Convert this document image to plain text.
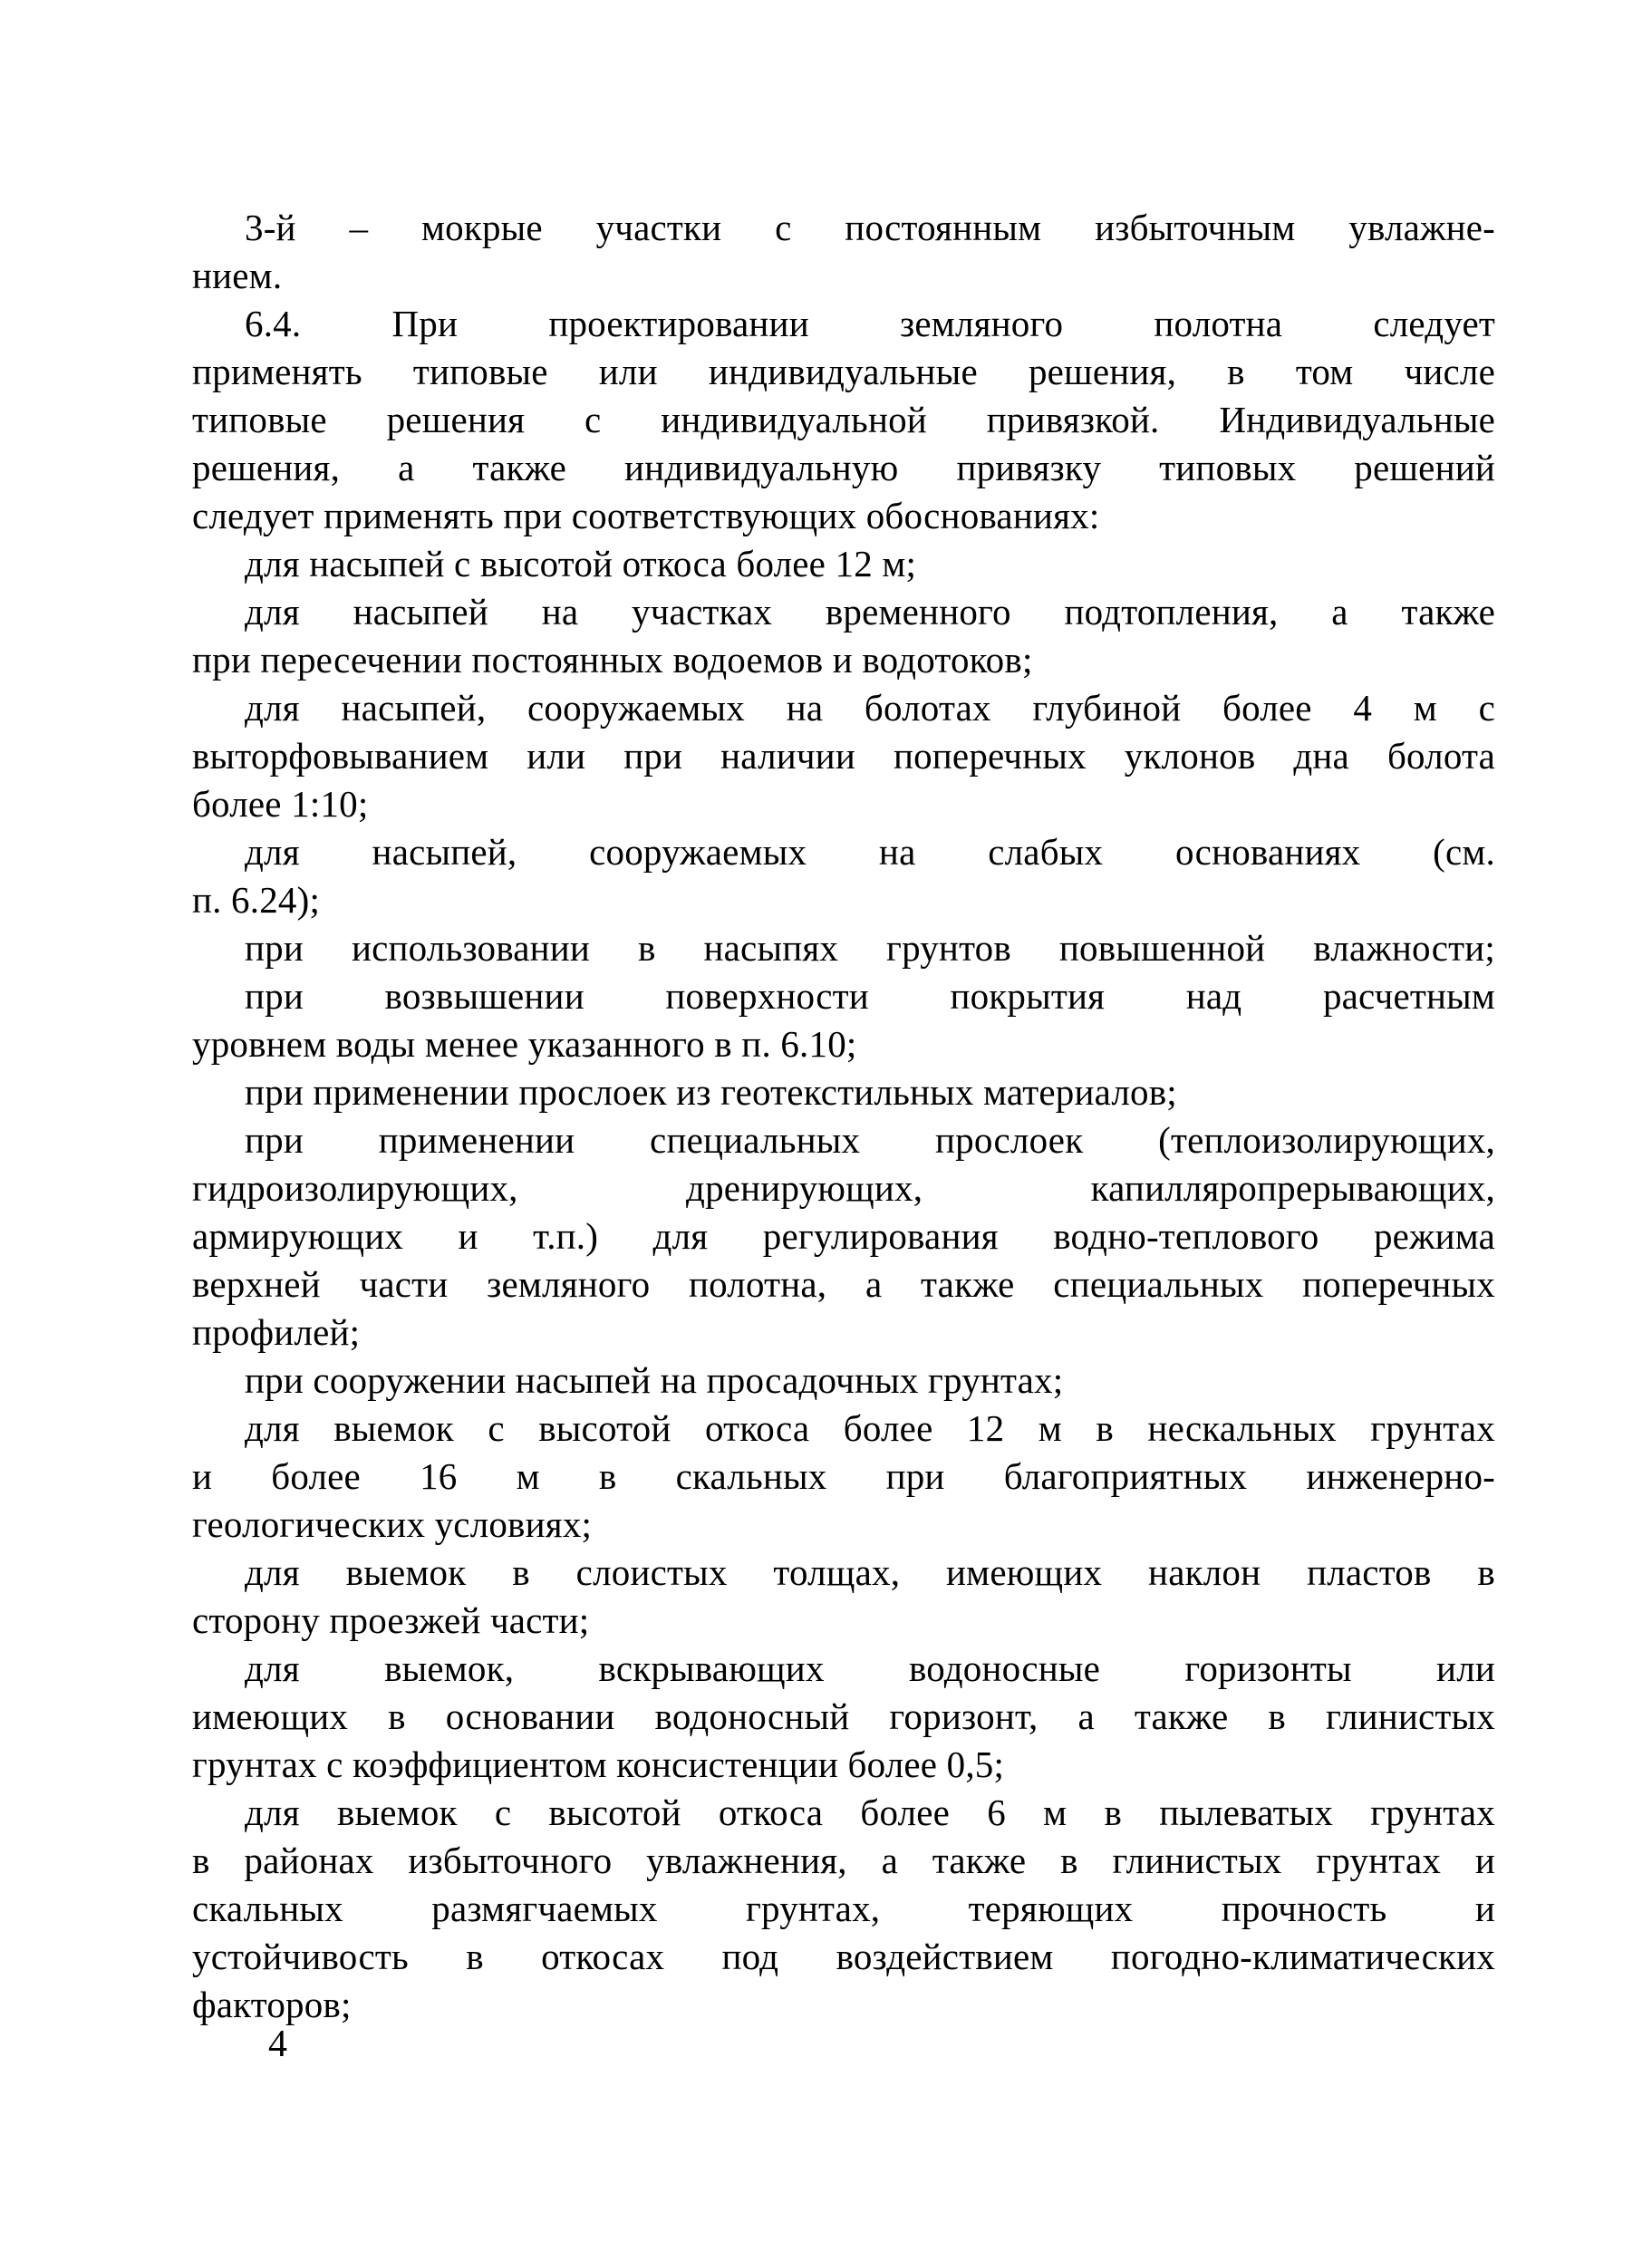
3-й – мокрые участки с постоянным избыточным увлажне-
нием.
6.4. При проектировании земляного полотна следует
применять типовые или индивидуальные решения, в том числе
типовые решения с индивидуальной привязкой. Индивидуальные
решения, а также индивидуальную привязку типовых решений
следует применять при соответствующих обоснованиях:
для насыпей с высотой откоса более 12 м;
для насыпей на участках временного подтопления, а также
при пересечении постоянных водоемов и водотоков;
для насыпей, сооружаемых на болотах глубиной более 4 м с
выторфовыванием или при наличии поперечных уклонов дна болота
более 1:10;
для насыпей, сооружаемых на слабых основаниях (см.
п. 6.24);
при использовании в насыпях грунтов повышенной влажности;
при возвышении поверхности покрытия над расчетным
уровнем воды менее указанного в п. 6.10;
при применении прослоек из геотекстильных материалов;
при применении специальных прослоек (теплоизолирующих,
гидроизолирующих, дренирующих, капилляропрерывающих,
армирующих и т.п.) для регулирования водно-теплового режима
верхней части земляного полотна, а также специальных поперечных
профилей;
при сооружении насыпей на просадочных грунтах;
для выемок с высотой откоса более 12 м в нескальных грунтах
и более 16 м в скальных при благоприятных инженерно-
геологических условиях;
для выемок в слоистых толщах, имеющих наклон пластов в
сторону проезжей части;
для выемок, вскрывающих водоносные горизонты или
имеющих в основании водоносный горизонт, а также в глинистых
грунтах с коэффициентом консистенции более 0,5;
для выемок с высотой откоса более 6 м в пылеватых грунтах
в районах избыточного увлажнения, а также в глинистых грунтах и
скальных размягчаемых грунтах, теряющих прочность и
устойчивость в откосах под воздействием погодно-климатических
факторов;
4
